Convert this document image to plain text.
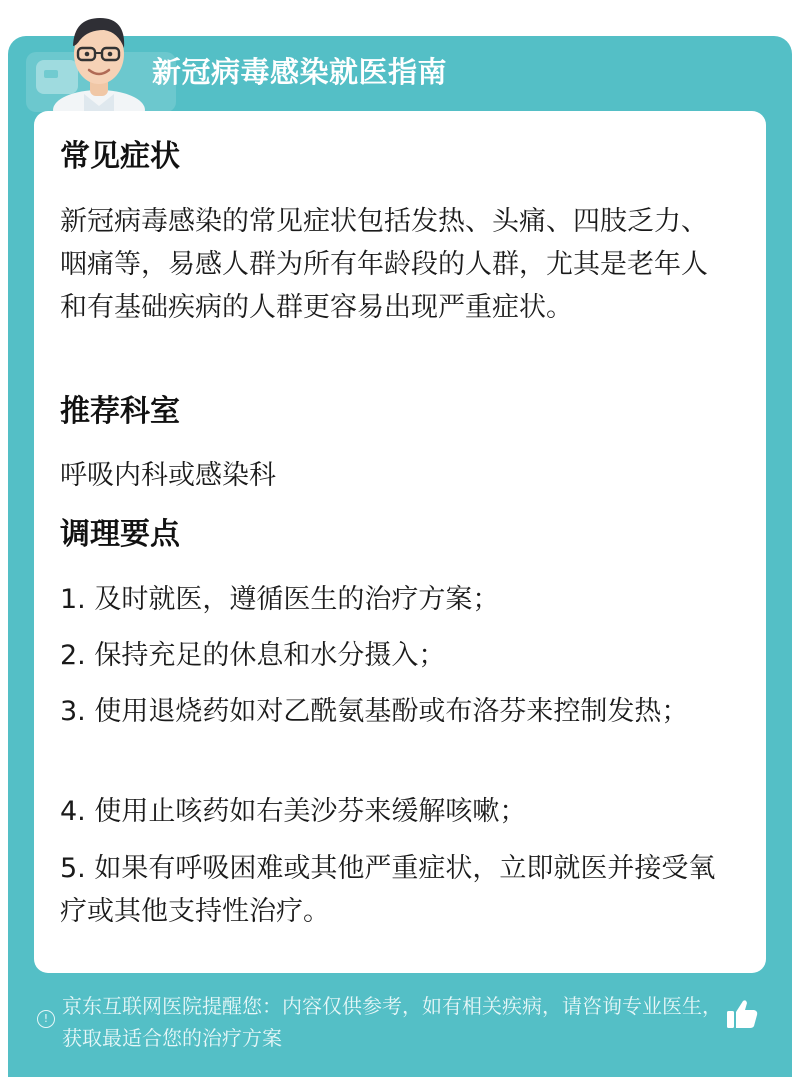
新冠病毒感染就医指南
常见症状
新冠病毒感染的常见症状包括发热、头痛、四肢乏力、咽痛等，易感人群为所有年龄段的人群，尤其是老年人和有基础疾病的人群更容易出现严重症状。
推荐科室
呼吸内科或感染科
调理要点
1. 及时就医，遵循医生的治疗方案；
2. 保持充足的休息和水分摄入；
3. 使用退烧药如对乙酰氨基酚或布洛芬来控制发热；
4. 使用止咳药如右美沙芬来缓解咳嗽；
5. 如果有呼吸困难或其他严重症状，立即就医并接受氧疗或其他支持性治疗。
!
京东互联网医院提醒您：内容仅供参考，如有相关疾病，请咨询专业医生，获取最适合您的治疗方案
